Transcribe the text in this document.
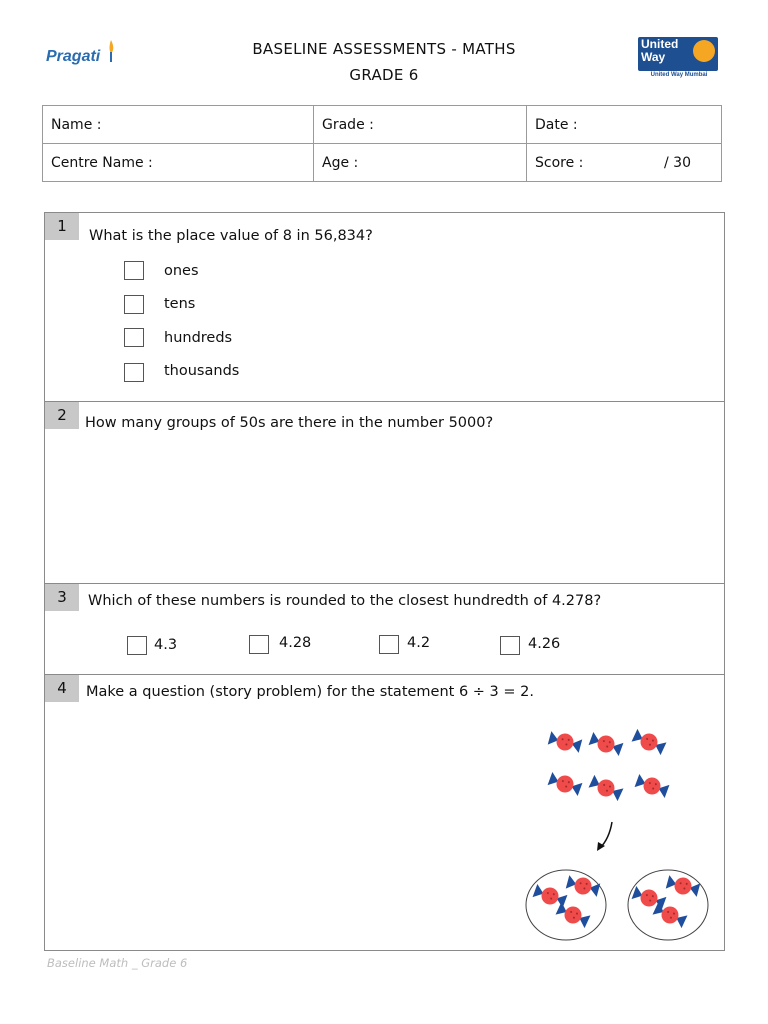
Pragati	BASELINE ASSESSMENTS - MATHS
GRADE 6
United
Way
United Way Mumbai
Name :	Grade :	Date :
Centre Name :	Age :	Score : / 30
1
What is the place value of 8 in 56,834?
ones
tens
hundreds
thousands
2	How many groups of 50s are there in the number 5000?
3	Which of these numbers is rounded to the closest hundredth of 4.278?
4.3	4.28	4.2	4.26
4	Make a question (story problem) for the statement 6 ÷ 3 = 2.
Baseline Math _ Grade 6
